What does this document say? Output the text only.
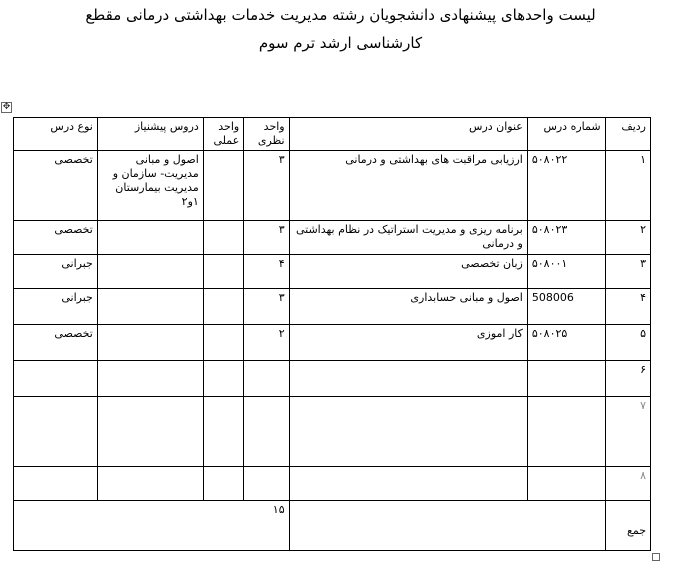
لیست واحدهای پیشنهادی دانشجویان رشته مدیریت خدمات بهداشتی درمانی مقطع
کارشناسی ارشد ترم سوم
✥
ردیف	شماره درس	عنوان درس	واحد نظری	واحد عملی	دروس پیشنیاز	نوع درس
۱	۵۰۸۰۲۲	ارزیابی مراقبت های بهداشتی و درمانی	۳		اصول و مبانی مدیریت- سازمان و مدیریت بیمارستان ۱و۲	تخصصی
۲	۵۰۸۰۲۳	برنامه ریزی و مدیریت استراتیک در نظام بهداشتی و درمانی	۳			تخصصی
۳	۵۰۸۰۰۱	زبان تخصصی	۴			جبرانی
۴	508006	اصول و مبانی حسابداری	۳			جبرانی
۵	۵۰۸۰۲۵	کار اموزی	۲			تخصصی
۶						
۷						
۸						
جمع			۱۵			
